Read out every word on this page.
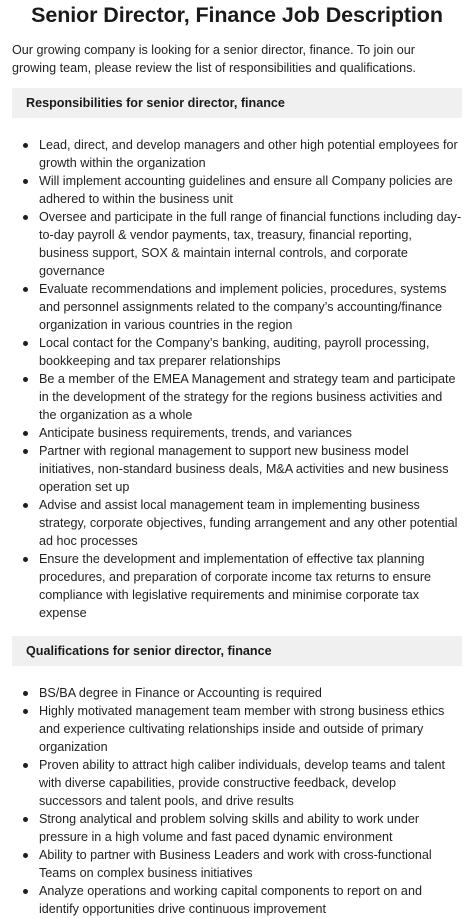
Senior Director, Finance Job Description

Our growing company is looking for a senior director, finance. To join our growing team, please review the list of responsibilities and qualifications.

Responsibilities for senior director, finance
Lead, direct, and develop managers and other high potential employees for growth within the organization
Will implement accounting guidelines and ensure all Company policies are adhered to within the business unit
Oversee and participate in the full range of financial functions including day-to-day payroll & vendor payments, tax, treasury, financial reporting, business support, SOX & maintain internal controls, and corporate governance
Evaluate recommendations and implement policies, procedures, systems and personnel assignments related to the company’s accounting/finance organization in various countries in the region
Local contact for the Company’s banking, auditing, payroll processing, bookkeeping and tax preparer relationships
Be a member of the EMEA Management and strategy team and participate in the development of the strategy for the regions business activities and the organization as a whole
Anticipate business requirements, trends, and variances
Partner with regional management to support new business model initiatives, non-standard business deals, M&A activities and new business operation set up
Advise and assist local management team in implementing business strategy, corporate objectives, funding arrangement and any other potential ad hoc processes
Ensure the development and implementation of effective tax planning procedures, and preparation of corporate income tax returns to ensure compliance with legislative requirements and minimise corporate tax expense
Qualifications for senior director, finance
BS/BA degree in Finance or Accounting is required
Highly motivated management team member with strong business ethics and experience cultivating relationships inside and outside of primary organization
Proven ability to attract high caliber individuals, develop teams and talent with diverse capabilities, provide constructive feedback, develop successors and talent pools, and drive results
Strong analytical and problem solving skills and ability to work under pressure in a high volume and fast paced dynamic environment
Ability to partner with Business Leaders and work with cross-functional Teams on complex business initiatives
Analyze operations and working capital components to report on and identify opportunities drive continuous improvement
